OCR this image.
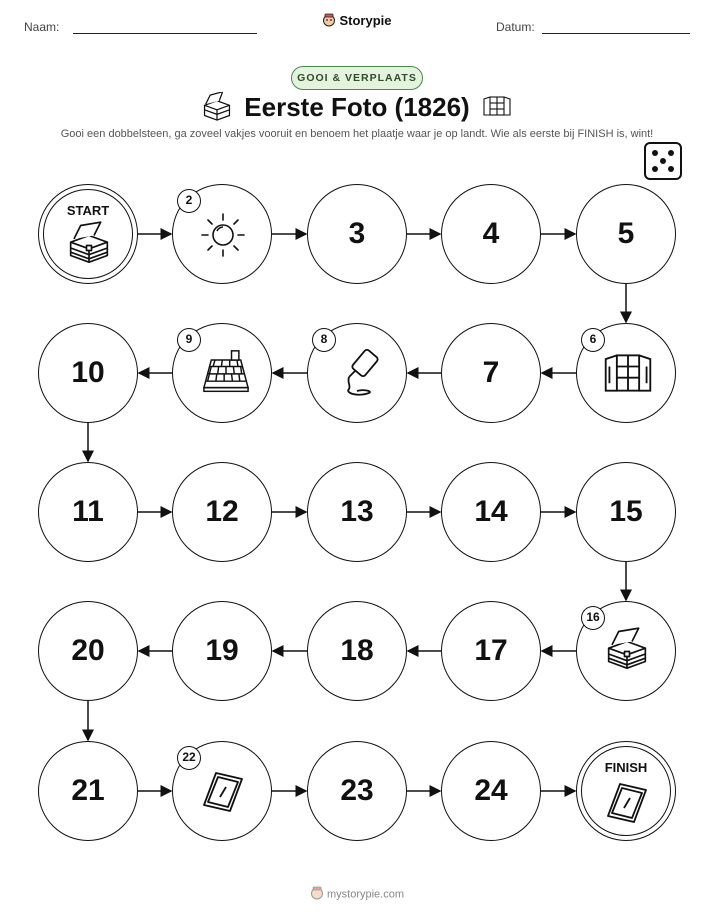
Naam:	Storypie	Datum:
GOOI & VERPLAATS
Eerste Foto (1826)
Gooi een dobbelsteen, ga zoveel vakjes vooruit en benoem het plaatje waar je op landt. Wie als eerste bij FINISH is, wint!
START
2
3	4	5
6
7
8
9
10
11	12	13	14	15
16
17
18
19
20
21
22
23	24
FINISH
mystorypie.com
